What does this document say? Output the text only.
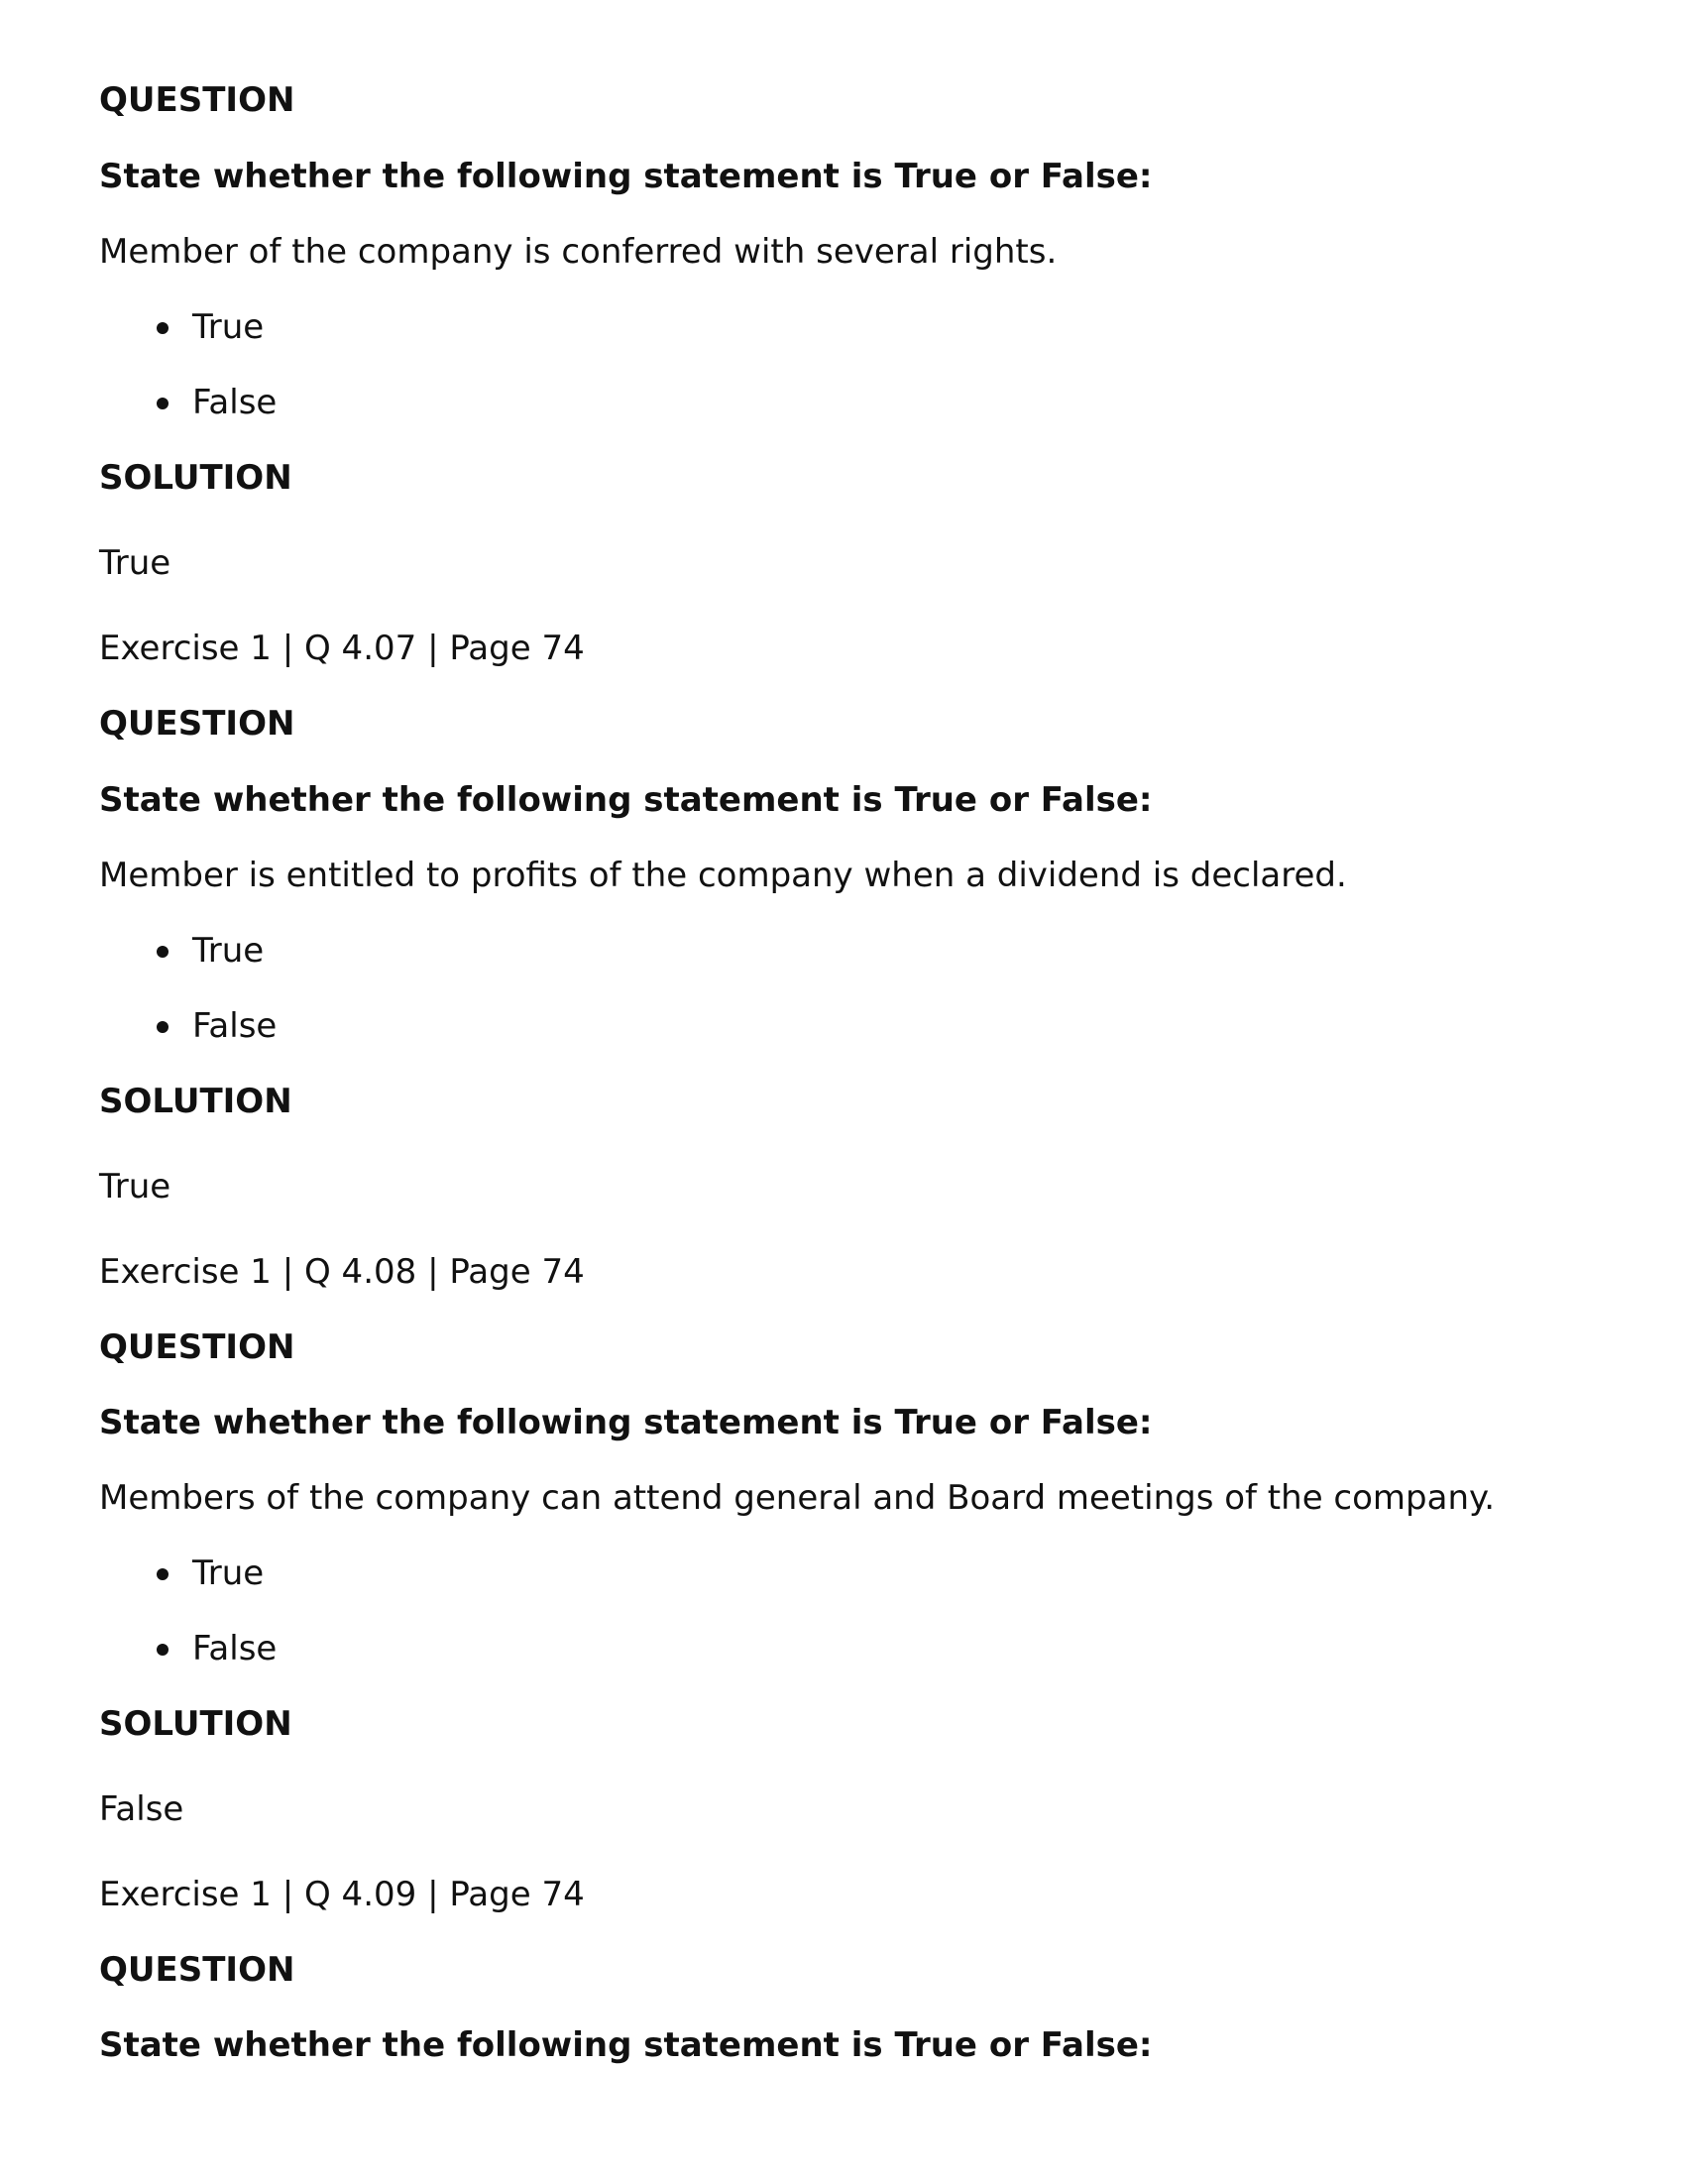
QUESTION
State whether the following statement is True or False:
Member of the company is conferred with several rights.
True
False
SOLUTION
True
Exercise 1 | Q 4.07 | Page 74
QUESTION
State whether the following statement is True or False:
Member is entitled to profits of the company when a dividend is declared.
True
False
SOLUTION
True
Exercise 1 | Q 4.08 | Page 74
QUESTION
State whether the following statement is True or False:
Members of the company can attend general and Board meetings of the company.
True
False
SOLUTION
False
Exercise 1 | Q 4.09 | Page 74
QUESTION
State whether the following statement is True or False:
